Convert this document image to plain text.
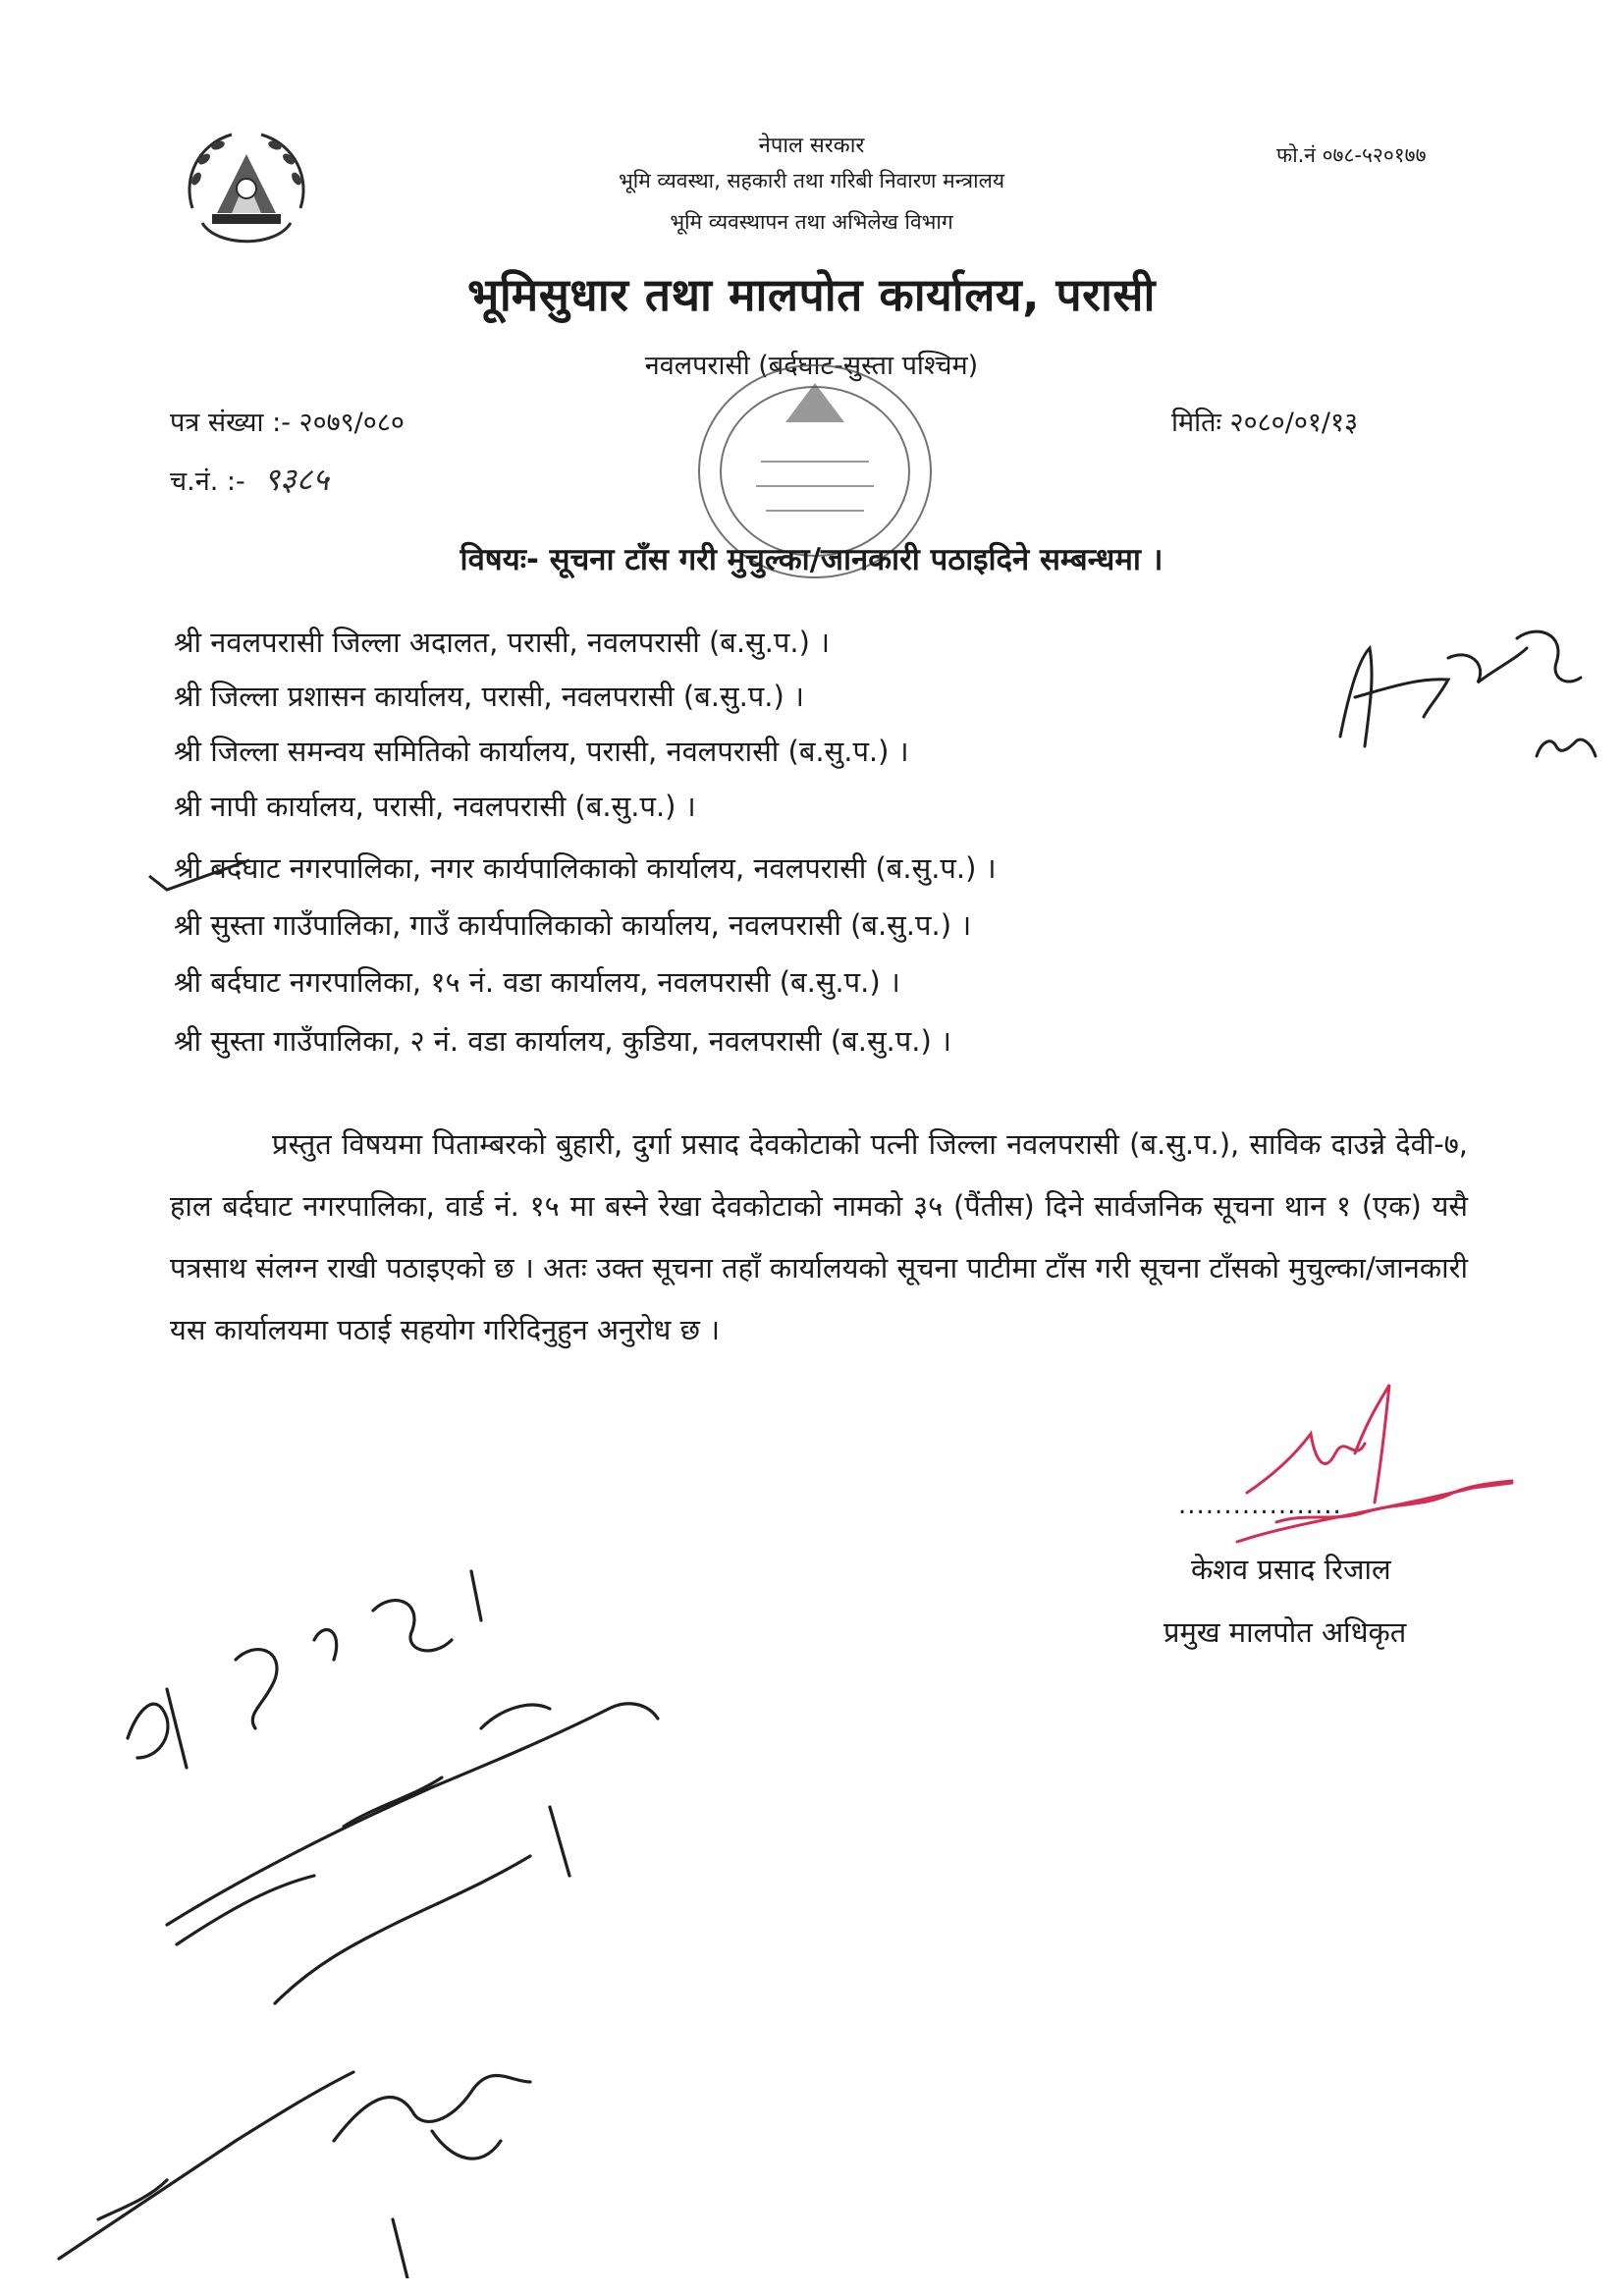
नेपाल सरकार
भूमि व्यवस्था, सहकारी तथा गरिबी निवारण मन्त्रालय
भूमि व्यवस्थापन तथा अभिलेख विभाग
भूमिसुधार तथा मालपोत कार्यालय, परासी
नवलपरासी (बर्दघाट-सुस्ता पश्चिम)
फो.नं ०७८-५२०१७७
पत्र संख्या :- २०७९/०८०	मितिः २०८०/०१/१३
च.नं. :- ९३८५
विषयः- सूचना टाँस गरी मुचुल्का/जानकारी पठाइदिने सम्बन्धमा ।
श्री नवलपरासी जिल्ला अदालत, परासी, नवलपरासी (ब.सु.प.) ।
श्री जिल्ला प्रशासन कार्यालय, परासी, नवलपरासी (ब.सु.प.) ।
श्री जिल्ला समन्वय समितिको कार्यालय, परासी, नवलपरासी (ब.सु.प.) ।
श्री नापी कार्यालय, परासी, नवलपरासी (ब.सु.प.) ।
श्री बर्दघाट नगरपालिका, नगर कार्यपालिकाको कार्यालय, नवलपरासी (ब.सु.प.) ।
श्री सुस्ता गाउँपालिका, गाउँ कार्यपालिकाको कार्यालय, नवलपरासी (ब.सु.प.) ।
श्री बर्दघाट नगरपालिका, १५ नं. वडा कार्यालय, नवलपरासी (ब.सु.प.) ।
श्री सुस्ता गाउँपालिका, २ नं. वडा कार्यालय, कुडिया, नवलपरासी (ब.सु.प.) ।

प्रस्तुत विषयमा पिताम्बरको बुहारी, दुर्गा प्रसाद देवकोटाको पत्नी जिल्ला नवलपरासी (ब.सु.प.), साविक दाउन्ने देवी-७, हाल बर्दघाट नगरपालिका, वार्ड नं. १५ मा बस्ने रेखा देवकोटाको नामको ३५ (पैंतीस) दिने सार्वजनिक सूचना थान १ (एक) यसै पत्रसाथ संलग्न राखी पठाइएको छ । अतः उक्त सूचना तहाँ कार्यालयको सूचना पाटीमा टाँस गरी सूचना टाँसको मुचुल्का/जानकारी यस कार्यालयमा पठाई सहयोग गरिदिनुहुन अनुरोध छ ।

..................
केशव प्रसाद रिजाल
प्रमुख मालपोत अधिकृत
